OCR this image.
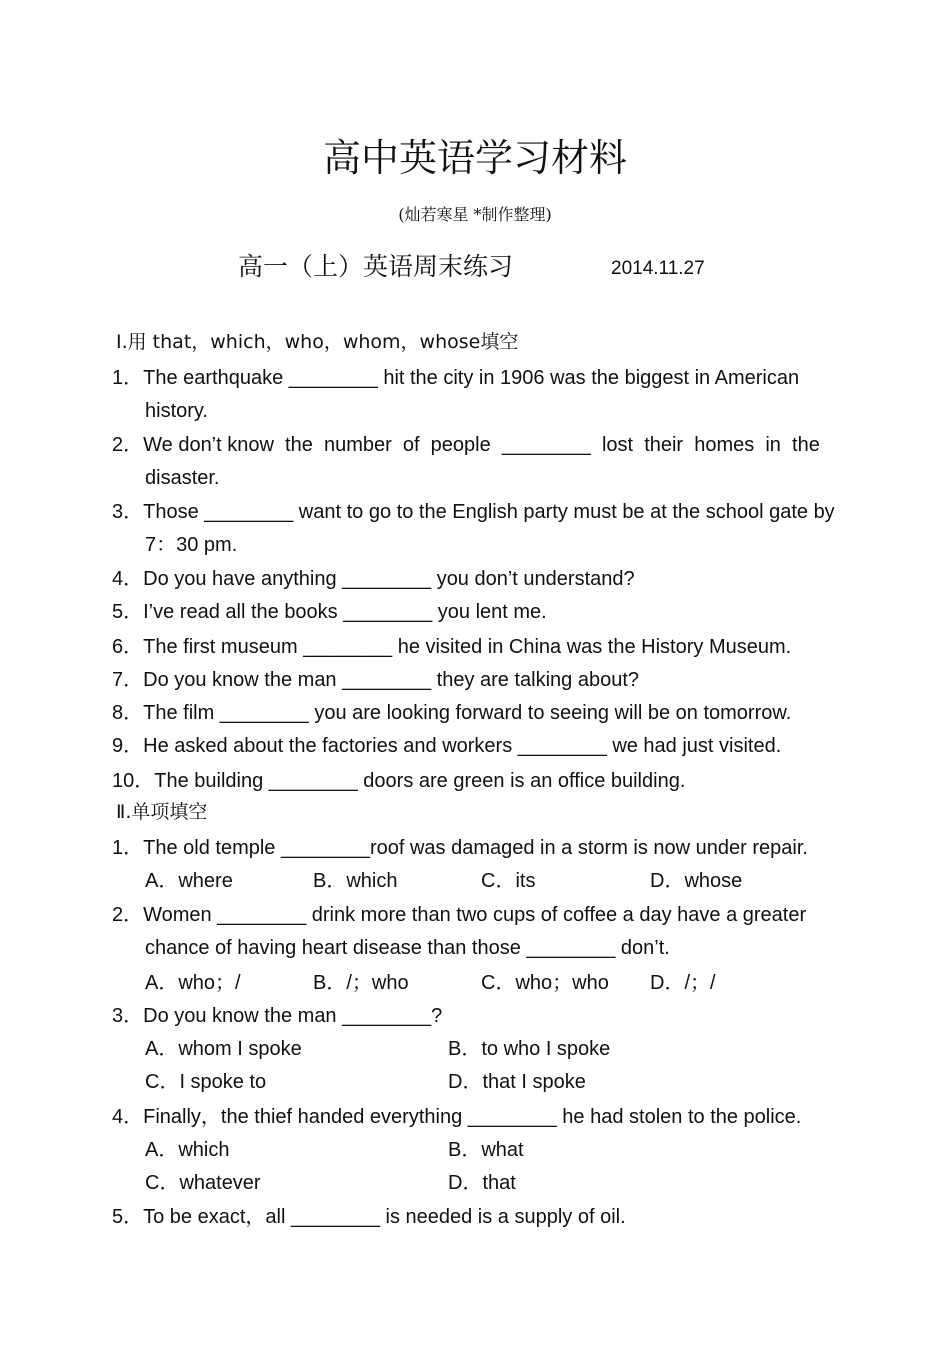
高中英语学习材料
(灿若寒星 *制作整理)
高一（上）英语周末练习	2014.11.27
Ⅰ.用 that，which，who，whom，whose填空
1．The earthquake ________ hit the city in 1906 was the biggest in American
history.
2．We don’t know  the  number  of  people  ________  lost  their  homes  in  the
disaster.
3．Those ________ want to go to the English party must be at the school gate by
7：30 pm.
4．Do you have anything ________ you don’t understand?
5．I’ve read all the books ________ you lent me.
6．The first museum ________ he visited in China was the History Museum.
7．Do you know the man ________ they are talking about?
8．The film ________ you are looking forward to seeing will be on tomorrow.
9．He asked about the factories and workers ________ we had just visited.
10．The building ________ doors are green is an office building.
Ⅱ.单项填空
1．The old temple ________roof was damaged in a storm is now under repair.
A．where	B．which	C．its	D．whose
2．Women ________ drink more than two cups of coffee a day have a greater
chance of having heart disease than those ________ don’t.
A．who；/	B．/；who	C．who；who D．/；/
3．Do you know the man ________?
A．whom I spoke	B．to who I spoke
C．I spoke to	D．that I spoke
4．Finally，the thief handed everything ________ he had stolen to the police.
A．which	B．what
C．whatever	D．that
5．To be exact，all ________ is needed is a supply of oil.
